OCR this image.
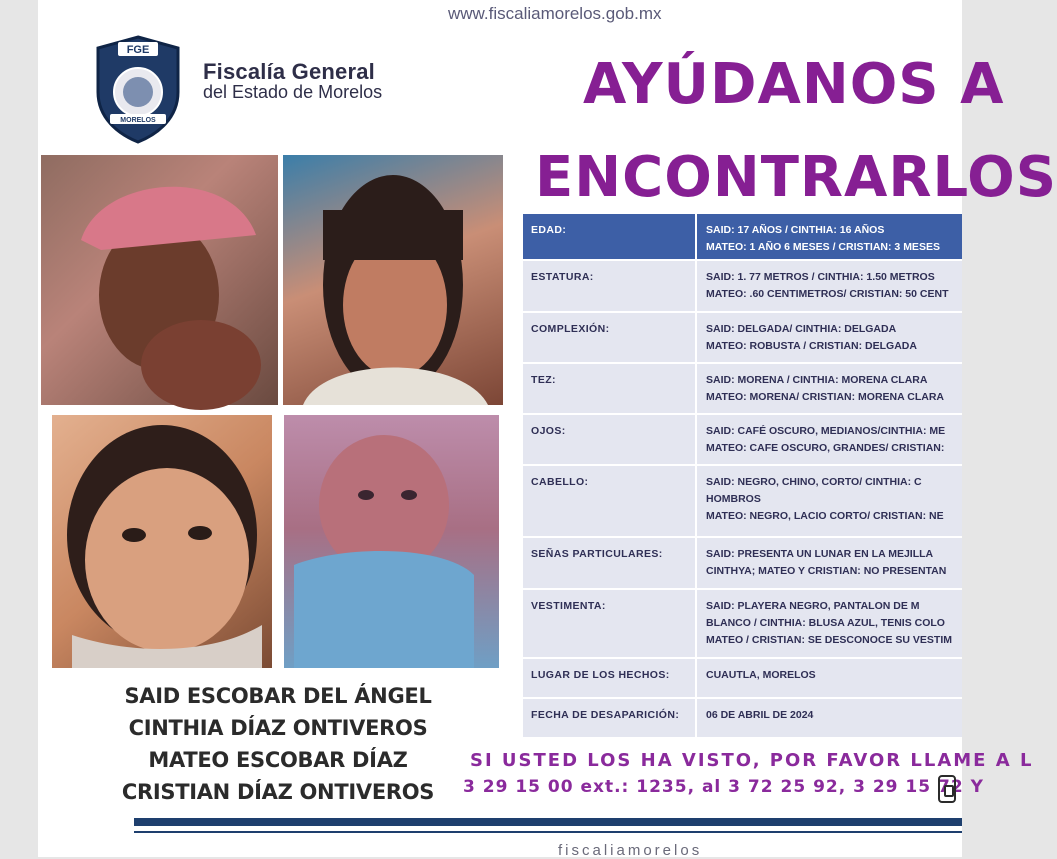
www.fiscaliamorelos.gob.mx
FGE
MORELOS
Fiscalía General
del Estado de Morelos	AYÚDANOS A
ENCONTRARLOS
SAID ESCOBAR DEL ÁNGEL
CINTHIA DÍAZ ONTIVEROS
MATEO ESCOBAR DÍAZ
CRISTIAN DÍAZ ONTIVEROS
EDAD:	SAID: 17 AÑOS / CINTHIA: 16 AÑOS
MATEO: 1 AÑO 6 MESES / CRISTIAN: 3 MESES
ESTATURA:	SAID: 1. 77 METROS / CINTHIA: 1.50 METROS
MATEO: .60 CENTIMETROS/ CRISTIAN: 50 CENT
COMPLEXIÓN:	SAID: DELGADA/ CINTHIA: DELGADA
MATEO: ROBUSTA / CRISTIAN: DELGADA
TEZ:	SAID: MORENA / CINTHIA: MORENA CLARA
MATEO: MORENA/ CRISTIAN: MORENA CLARA
OJOS:	SAID: CAFÉ OSCURO, MEDIANOS/CINTHIA: ME
MATEO: CAFE OSCURO, GRANDES/ CRISTIAN:
CABELLO:	SAID: NEGRO, CHINO, CORTO/ CINTHIA: C
HOMBROS
MATEO: NEGRO, LACIO CORTO/ CRISTIAN: NE
SEÑAS PARTICULARES:	SAID: PRESENTA UN LUNAR EN LA MEJILLA
CINTHYA; MATEO Y CRISTIAN: NO PRESENTAN
VESTIMENTA:	SAID: PLAYERA NEGRO, PANTALON DE M
BLANCO / CINTHIA: BLUSA AZUL, TENIS COLO
MATEO / CRISTIAN: SE DESCONOCE SU VESTIM
LUGAR DE LOS HECHOS:	CUAUTLA, MORELOS
FECHA DE DESAPARICIÓN:	06 DE ABRIL DE 2024
SI USTED LOS HA VISTO, POR FAVOR LLAME A L
3 29 15 00 ext.: 1235, al 3 72 25 92, 3 29 15 72 Y
fiscaliamorelos
